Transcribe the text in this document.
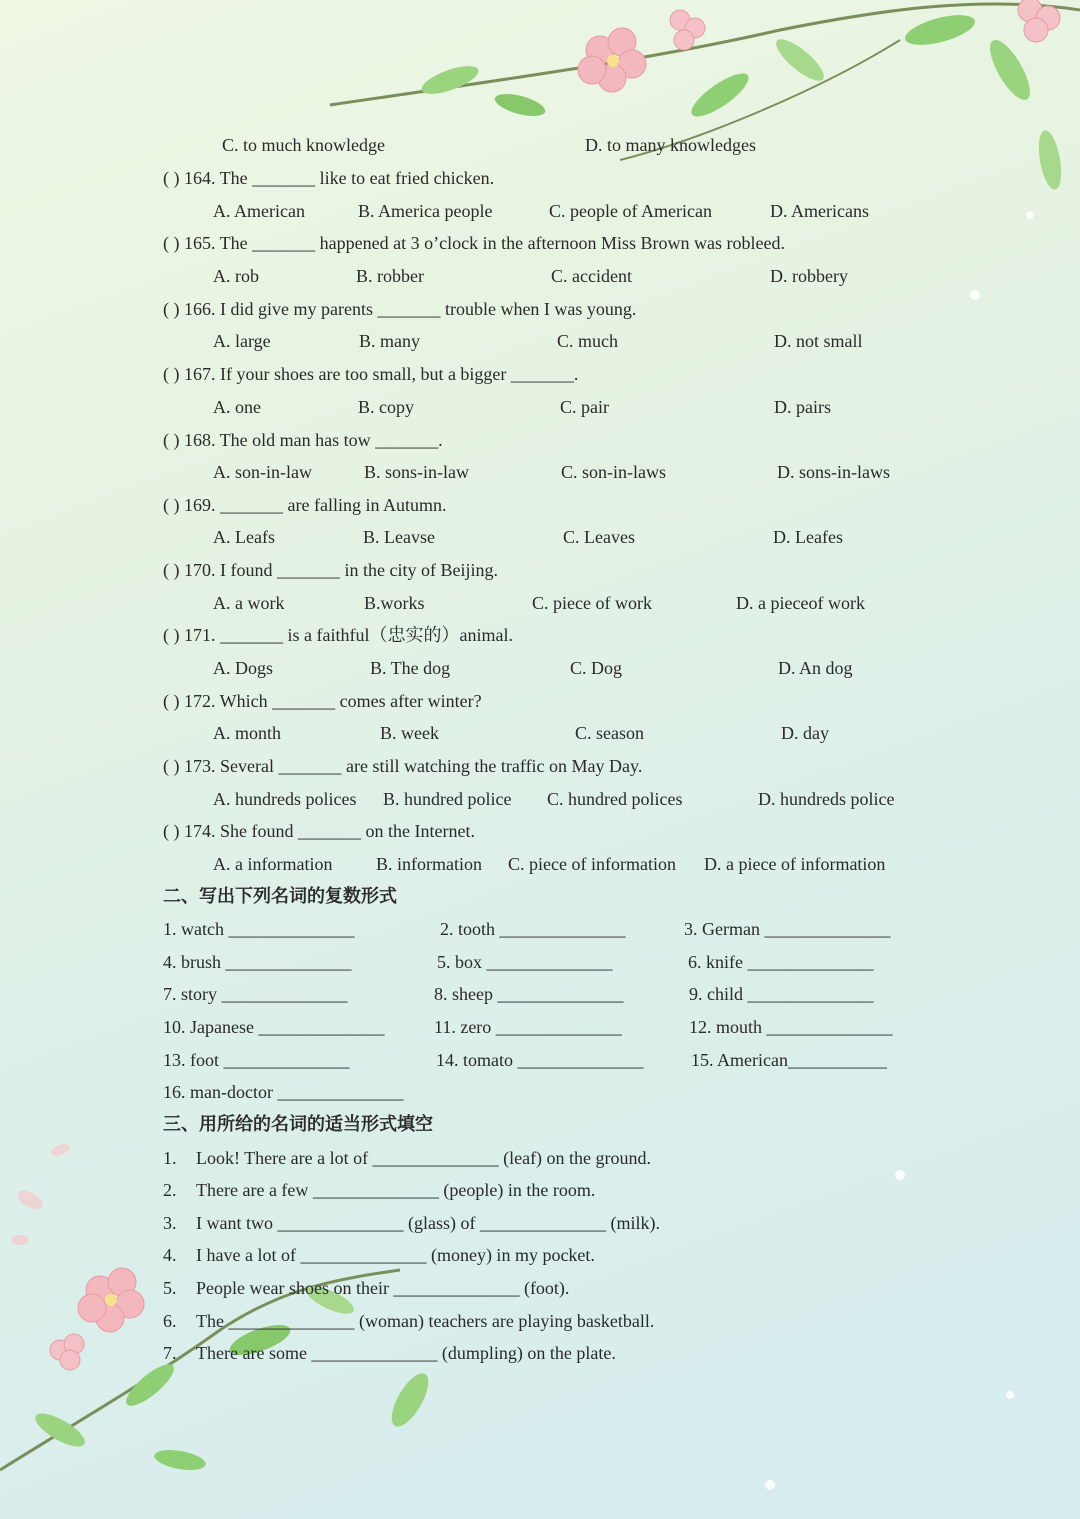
C. to much knowledge	D. to many knowledges
( ) 164. The _______ like to eat fried chicken.
A. American	B. America people	C. people of American	D. Americans
( ) 165. The _______ happened at 3 o’clock in the afternoon Miss Brown was robleed.
A. rob	B. robber	C. accident	D. robbery
( ) 166. I did give my parents _______ trouble when I was young.
A. large	B. many	C. much	D. not small
( ) 167. If your shoes are too small, but a bigger _______.
A. one	B. copy	C. pair	D. pairs
( ) 168. The old man has tow _______.
A. son-in-law	B. sons-in-law	C. son-in-laws	D. sons-in-laws
( ) 169. _______ are falling in Autumn.
A. Leafs	B. Leavse	C. Leaves	D. Leafes
( ) 170. I found _______ in the city of Beijing.
A. a work	B.works	C. piece of work	D. a pieceof work
( ) 171. _______ is a faithful（忠实的）animal.
A. Dogs	B. The dog	C. Dog	D. An dog
( ) 172. Which _______ comes after winter?
A. month	B. week	C. season	D. day
( ) 173. Several _______ are still watching the traffic on May Day.
A. hundreds polices B. hundred police C. hundred polices	D. hundreds police
( ) 174. She found _______ on the Internet.
A. a information B. information C. piece of information D. a piece of information
二、写出下列名词的复数形式
1. watch ______________	2. tooth ______________	3. German ______________
4. brush ______________	5. box ______________	6. knife ______________
7. story ______________	8. sheep ______________	9. child ______________
10. Japanese ______________	11. zero ______________	12. mouth ______________
13. foot ______________	14. tomato ______________	15. American___________
16. man-doctor ______________
三、用所给的名词的适当形式填空
1. Look! There are a lot of ______________ (leaf) on the ground.
2. There are a few ______________ (people) in the room.
3. I want two ______________ (glass) of ______________ (milk).
4. I have a lot of ______________ (money) in my pocket.
5. People wear shoes on their ______________ (foot).
6. The ______________ (woman) teachers are playing basketball.
7. There are some ______________ (dumpling) on the plate.
